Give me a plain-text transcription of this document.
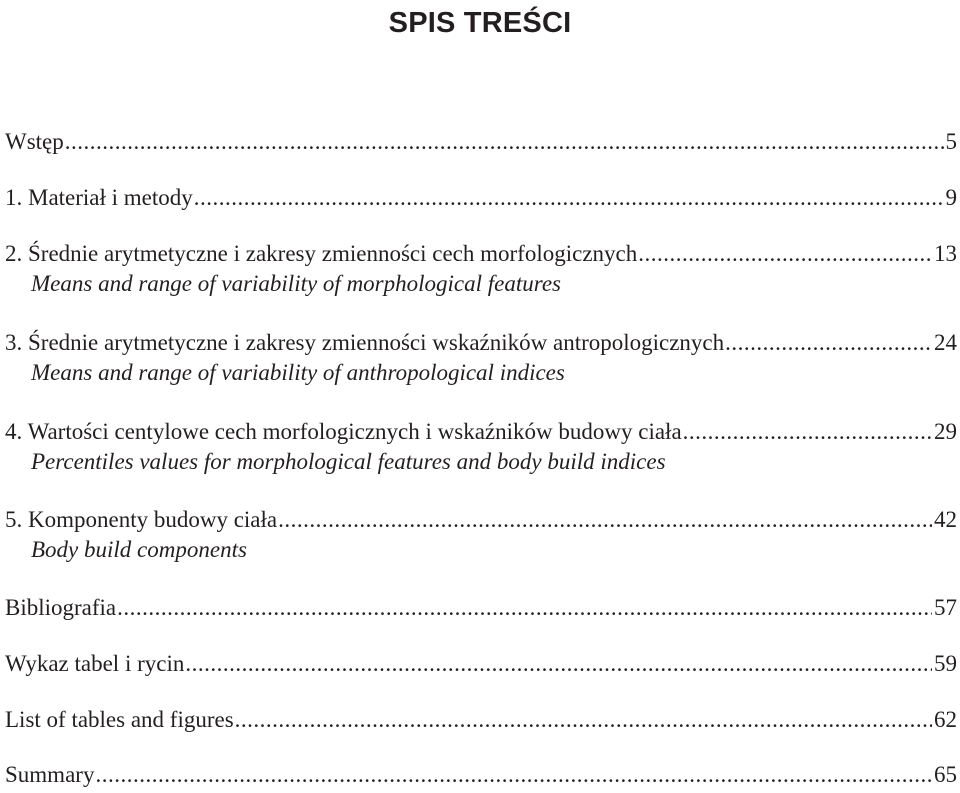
SPIS TREŚCI
Wstęp .....	5
1. Materiał i metody .....	9
2. Średnie arytmetyczne i zakresy zmienności cech morfologicznych .....	13
Means and range of variability of morphological features
3. Średnie arytmetyczne i zakresy zmienności wskaźników antropologicznych .....	24
Means and range of variability of anthropological indices
4. Wartości centylowe cech morfologicznych i wskaźników budowy ciała .....	29
Percentiles values for morphological features and body build indices
5. Komponenty budowy ciała .....	42
Body build components
Bibliografia .....	57
Wykaz tabel i rycin .....	59
List of tables and figures .....	62
Summary .....	65
